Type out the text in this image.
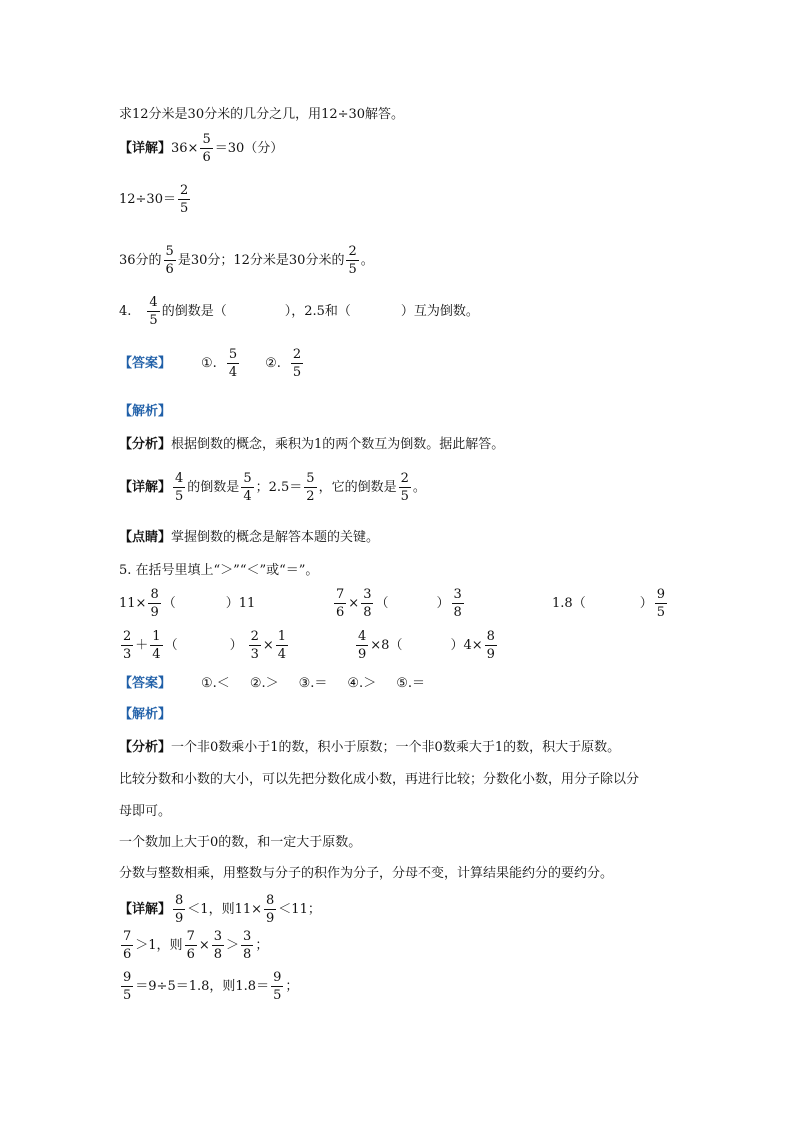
求12分米是30分米的几分之几，用12÷30解答。
【详解】 $36\times \frac{5}{6} =30$（分）
$12\div 30= \frac{2}{5}$
36分的 $\frac{5}{6}$ 是30分；12分米是30分米的 $\frac{2}{5}$ 。
4. $\frac{4}{5}$ 的倒数是（	），2.5和（	）互为倒数。
【答案】 ①. $\frac{5}{4}$ ②. $\frac{2}{5}$
【解析】
【分析】 根据倒数的概念，乘积为1的两个数互为倒数。据此解答。
【详解】 $\frac{4}{5}$ 的倒数是 $\frac{5}{4}$ ；$2.5= \frac{5}{2}$ ，它的倒数是 $\frac{2}{5}$ 。
【点睛】 掌握倒数的概念是解答本题的关键。
5. 在括号里填上“＞”“＜”或“＝”。
$11\times \frac{8}{9}$ （	）11	$\frac{7}{6} \times \frac{3}{8}$ （	） $\frac{3}{8}$	1.8 （	） $\frac{9}{5}$
$\frac{2}{3} + \frac{1}{4}$ （	） $\frac{2}{3} \times \frac{1}{4}$	$\frac{4}{9} \times 8$ （	）$4\times \frac{8}{9}$
【答案】 ①.＜ ②.＞ ③.＝ ④.＞ ⑤.＝
【解析】
【分析】 一个非0数乘小于1的数，积小于原数；一个非0数乘大于1的数，积大于原数。
比较分数和小数的大小，可以先把分数化成小数，再进行比较；分数化小数，用分子除以分
母即可。
一个数加上大于0的数，和一定大于原数。
分数与整数相乘，用整数与分子的积作为分子，分母不变，计算结果能约分的要约分。
【详解】 $\frac{8}{9} <1$，则$11\times \frac{8}{9} <11$；
$\frac{7}{6} >1$，则 $\frac{7}{6} \times \frac{3}{8} > \frac{3}{8}$ ；
$\frac{9}{5} =9\div 5=1.8$，则$1.8= \frac{9}{5}$ ；
